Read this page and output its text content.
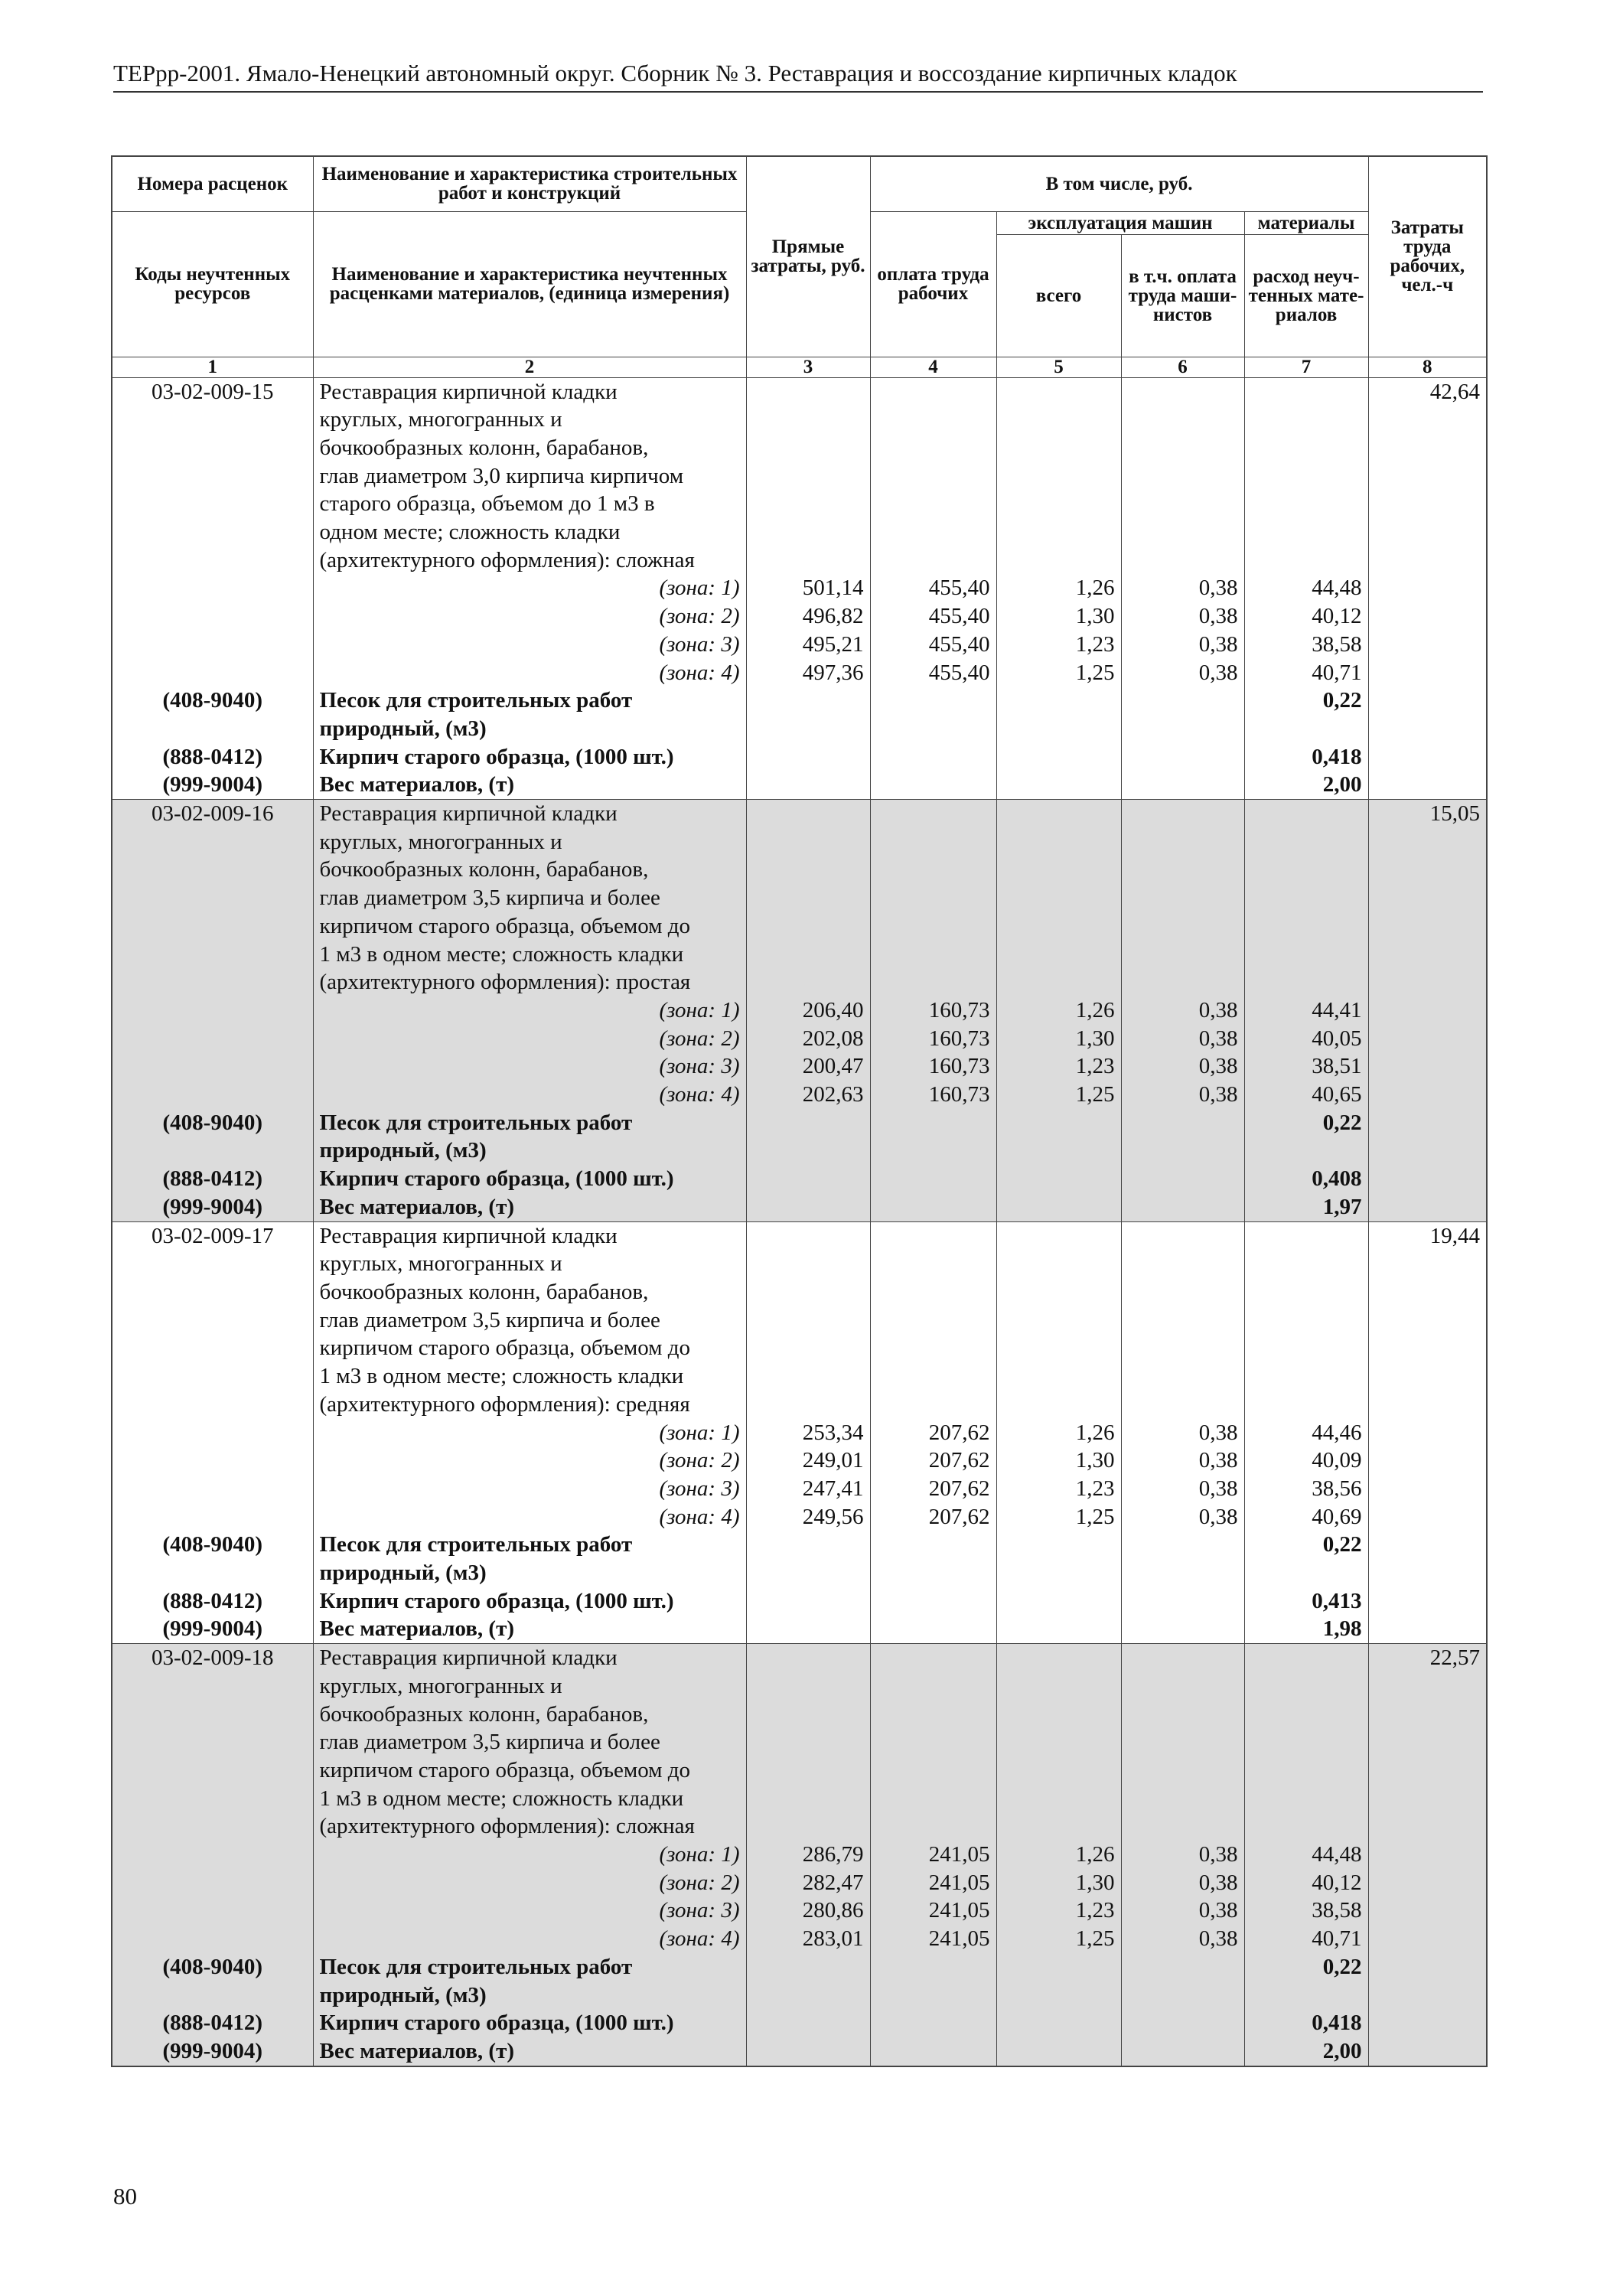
ТЕРрр-2001. Ямало-Ненецкий автономный округ. Сборник № 3. Реставрация и воссоздание кирпичных кладок
Номера расценок	Наименование и характеристика строительных работ и конструкций	Прямые затраты, руб.	В том числе, руб.				Затраты труда рабочих, чел.-ч
Коды неучтенных ресурсов	Наименование и характеристика неучтенных расценками материалов, (единица измерения)		оплата труда рабочих	эксплуатация машин		материалы	
				всего	в т.ч. оплата труда маши-нистов	расход неуч-тенных мате-риалов	
1	2	3	4	5	6	7	8
03-02-009-15	Реставрация кирпичной кладки						42,64
	круглых, многогранных и						
	бочкообразных колонн, барабанов,						
	глав диаметром 3,0 кирпича кирпичом						
	старого образца, объемом до 1 м3 в						
	одном месте; сложность кладки						
	(архитектурного оформления): сложная						
	(зона: 1)	501,14	455,40	1,26	0,38	44,48	
	(зона: 2)	496,82	455,40	1,30	0,38	40,12	
	(зона: 3)	495,21	455,40	1,23	0,38	38,58	
	(зона: 4)	497,36	455,40	1,25	0,38	40,71	
(408-9040)	Песок для строительных работ					0,22	
	природный, (м3)						
(888-0412)	Кирпич старого образца, (1000 шт.)					0,418	
(999-9004)	Вес материалов, (т)					2,00	
03-02-009-16	Реставрация кирпичной кладки						15,05
	круглых, многогранных и						
	бочкообразных колонн, барабанов,						
	глав диаметром 3,5 кирпича и более						
	кирпичом старого образца, объемом до						
	1 м3 в одном месте; сложность кладки						
	(архитектурного оформления): простая						
	(зона: 1)	206,40	160,73	1,26	0,38	44,41	
	(зона: 2)	202,08	160,73	1,30	0,38	40,05	
	(зона: 3)	200,47	160,73	1,23	0,38	38,51	
	(зона: 4)	202,63	160,73	1,25	0,38	40,65	
(408-9040)	Песок для строительных работ					0,22	
	природный, (м3)						
(888-0412)	Кирпич старого образца, (1000 шт.)					0,408	
(999-9004)	Вес материалов, (т)					1,97	
03-02-009-17	Реставрация кирпичной кладки						19,44
	круглых, многогранных и						
	бочкообразных колонн, барабанов,						
	глав диаметром 3,5 кирпича и более						
	кирпичом старого образца, объемом до						
	1 м3 в одном месте; сложность кладки						
	(архитектурного оформления): средняя						
	(зона: 1)	253,34	207,62	1,26	0,38	44,46	
	(зона: 2)	249,01	207,62	1,30	0,38	40,09	
	(зона: 3)	247,41	207,62	1,23	0,38	38,56	
	(зона: 4)	249,56	207,62	1,25	0,38	40,69	
(408-9040)	Песок для строительных работ					0,22	
	природный, (м3)						
(888-0412)	Кирпич старого образца, (1000 шт.)					0,413	
(999-9004)	Вес материалов, (т)					1,98	
03-02-009-18	Реставрация кирпичной кладки						22,57
	круглых, многогранных и						
	бочкообразных колонн, барабанов,						
	глав диаметром 3,5 кирпича и более						
	кирпичом старого образца, объемом до						
	1 м3 в одном месте; сложность кладки						
	(архитектурного оформления): сложная						
	(зона: 1)	286,79	241,05	1,26	0,38	44,48	
	(зона: 2)	282,47	241,05	1,30	0,38	40,12	
	(зона: 3)	280,86	241,05	1,23	0,38	38,58	
	(зона: 4)	283,01	241,05	1,25	0,38	40,71	
(408-9040)	Песок для строительных работ					0,22	
	природный, (м3)						
(888-0412)	Кирпич старого образца, (1000 шт.)					0,418	
(999-9004)	Вес материалов, (т)					2,00	
80
